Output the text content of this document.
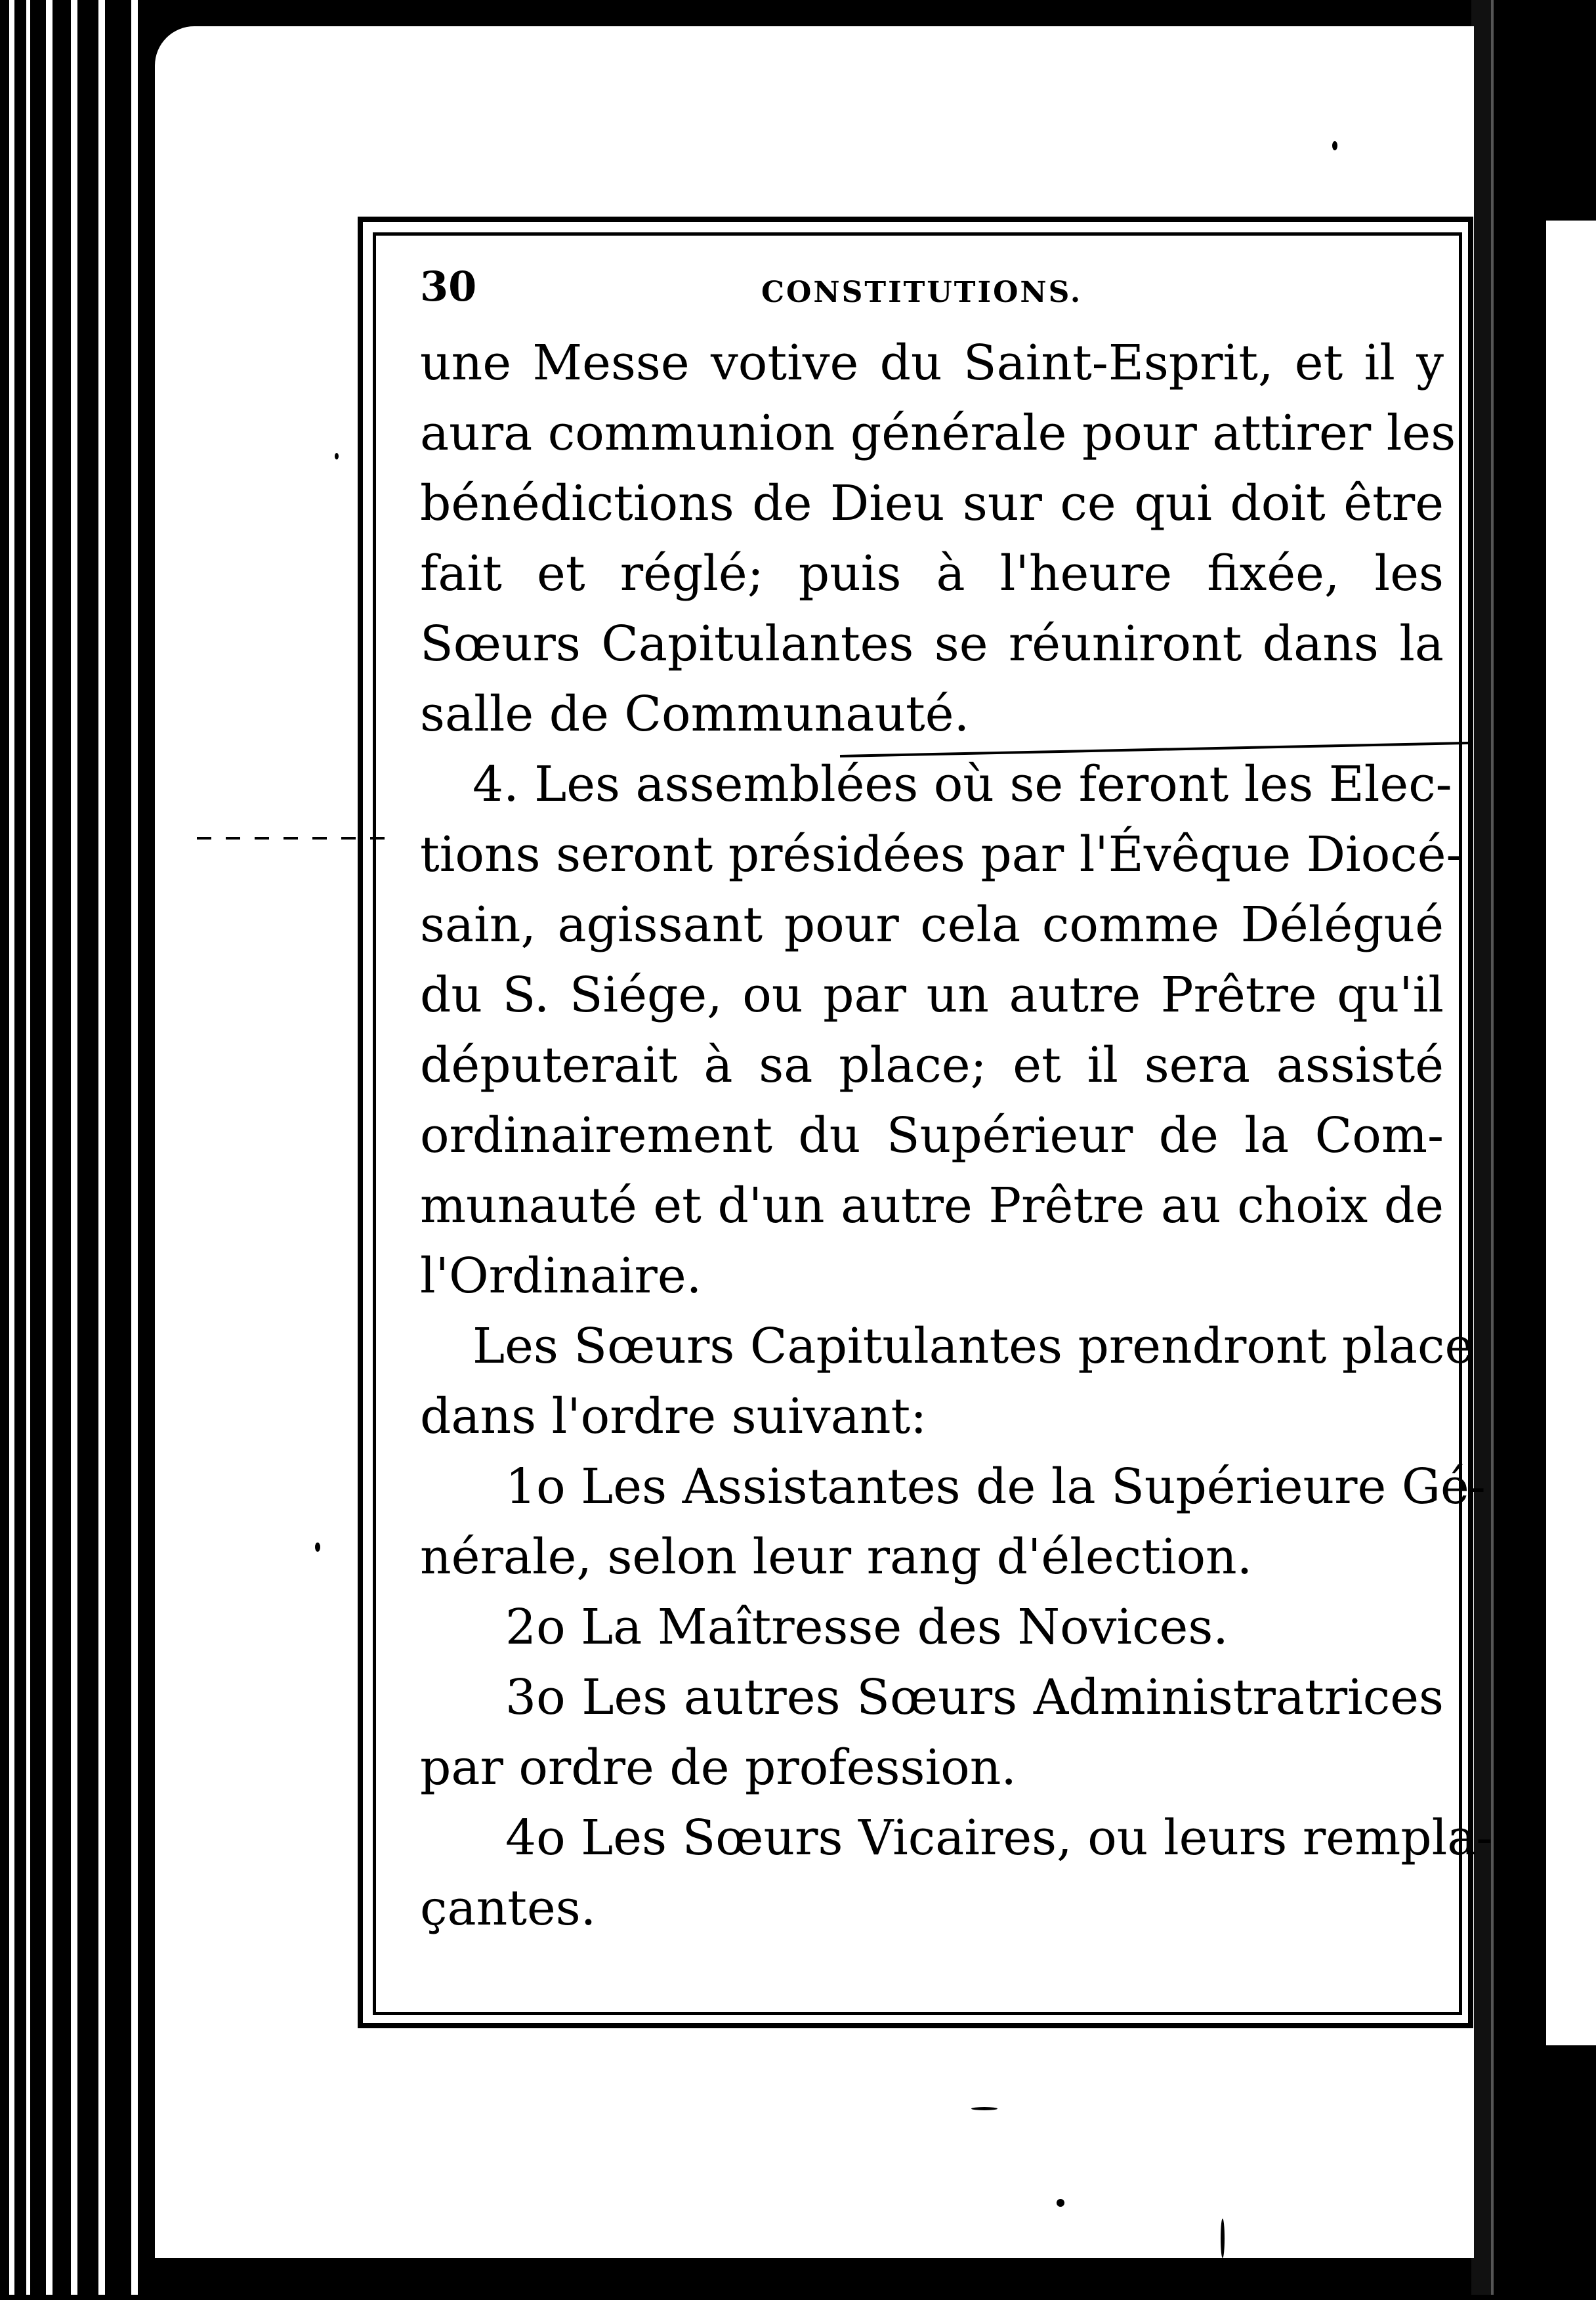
30	CONSTITUTIONS.
une Messe votive du Saint-Esprit, et il y
aura communion générale pour attirer les
bénédictions de Dieu sur ce qui doit être
fait et réglé; puis à l'heure fixée, les
Sœurs Capitulantes se réuniront dans la
salle de Communauté.
4. Les assemblées où se feront les Elec-
tions seront présidées par l'Évêque Diocé-
sain, agissant pour cela comme Délégué
du S. Siége, ou par un autre Prêtre qu'il
députerait à sa place; et il sera assisté
ordinairement du Supérieur de la Com-
munauté et d'un autre Prêtre au choix de
l'Ordinaire.
Les Sœurs Capitulantes prendront place
dans l'ordre suivant:
1o Les Assistantes de la Supérieure Gé-
nérale, selon leur rang d'élection.
2o La Maîtresse des Novices.
3o Les autres Sœurs Administratrices
par ordre de profession.
4o Les Sœurs Vicaires, ou leurs rempla-
çantes.
